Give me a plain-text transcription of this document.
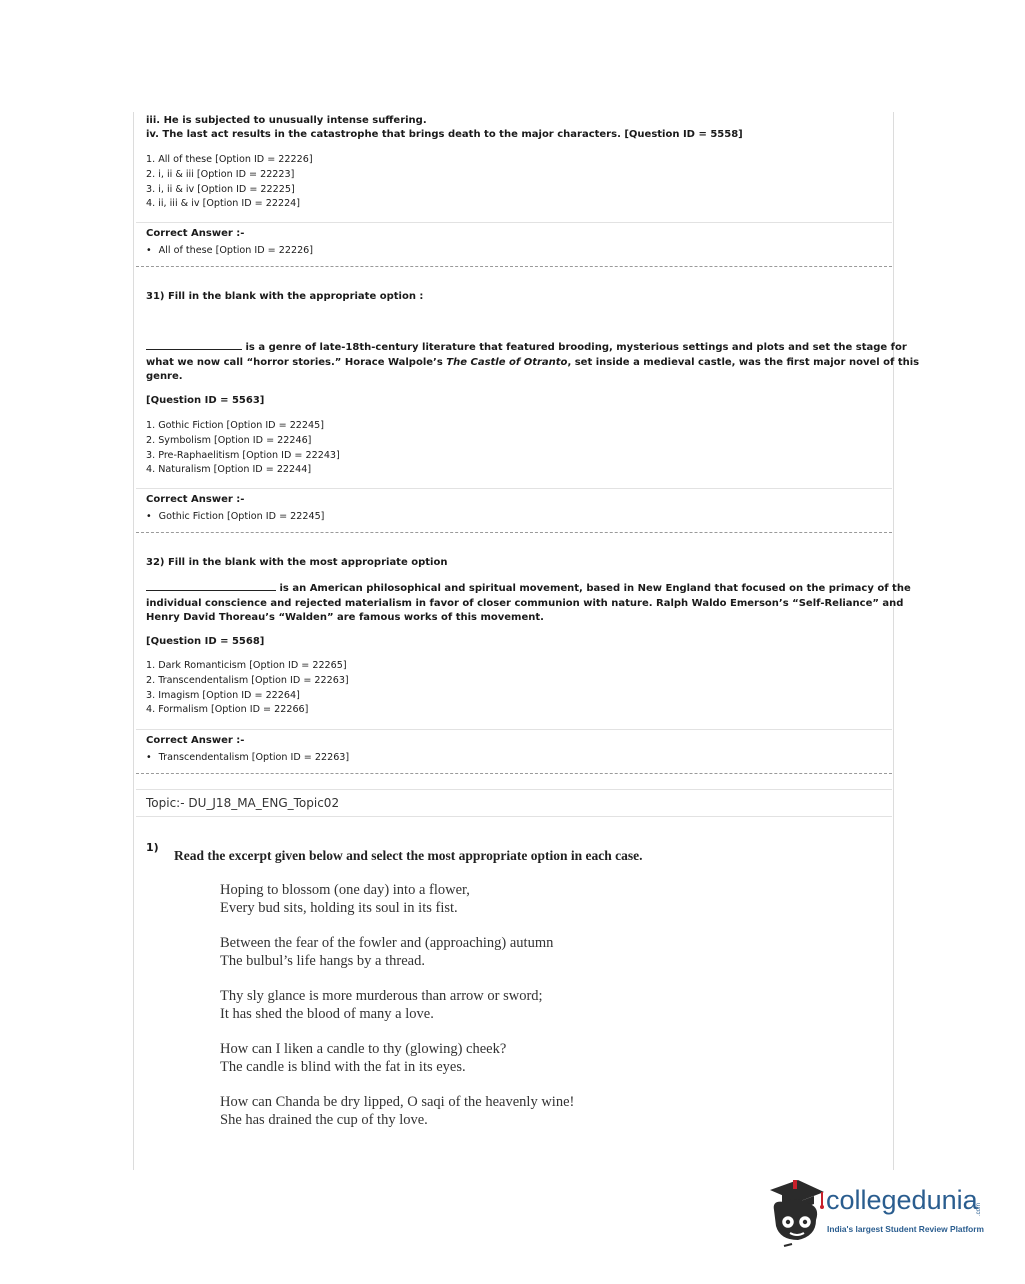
iii. He is subjected to unusually intense suffering.
iv. The last act results in the catastrophe that brings death to the major characters. [Question ID = 5558]
1. All of these [Option ID = 22226]
2. i, ii & iii [Option ID = 22223]
3. i, ii & iv [Option ID = 22225]
4. ii, iii & iv [Option ID = 22224]
Correct Answer :-
• All of these [Option ID = 22226]
31) Fill in the blank with the appropriate option :
is a genre of late-18th-century literature that featured brooding, mysterious settings and plots and set the stage for
what we now call “horror stories.” Horace Walpole’s The Castle of Otranto, set inside a medieval castle, was the first major novel of this
genre.
[Question ID = 5563]
1. Gothic Fiction [Option ID = 22245]
2. Symbolism [Option ID = 22246]
3. Pre-Raphaelitism [Option ID = 22243]
4. Naturalism [Option ID = 22244]
Correct Answer :-
• Gothic Fiction [Option ID = 22245]
32) Fill in the blank with the most appropriate option
is an American philosophical and spiritual movement, based in New England that focused on the primacy of the
individual conscience and rejected materialism in favor of closer communion with nature. Ralph Waldo Emerson’s “Self-Reliance” and
Henry David Thoreau’s “Walden” are famous works of this movement.
[Question ID = 5568]
1. Dark Romanticism [Option ID = 22265]
2. Transcendentalism [Option ID = 22263]
3. Imagism [Option ID = 22264]
4. Formalism [Option ID = 22266]
Correct Answer :-
• Transcendentalism [Option ID = 22263]
Topic:- DU_J18_MA_ENG_Topic02
1)
Read the excerpt given below and select the most appropriate option in each case.
Hoping to blossom (one day) into a flower,
Every bud sits, holding its soul in its fist.
Between the fear of the fowler and (approaching) autumn
The bulbul’s life hangs by a thread.
Thy sly glance is more murderous than arrow or sword;
It has shed the blood of many a love.
How can I liken a candle to thy (glowing) cheek?
The candle is blind with the fat in its eyes.
How can Chanda be dry lipped, O saqi of the heavenly wine!
She has drained the cup of thy love.
collegedunia
.com
India's largest Student Review Platform
